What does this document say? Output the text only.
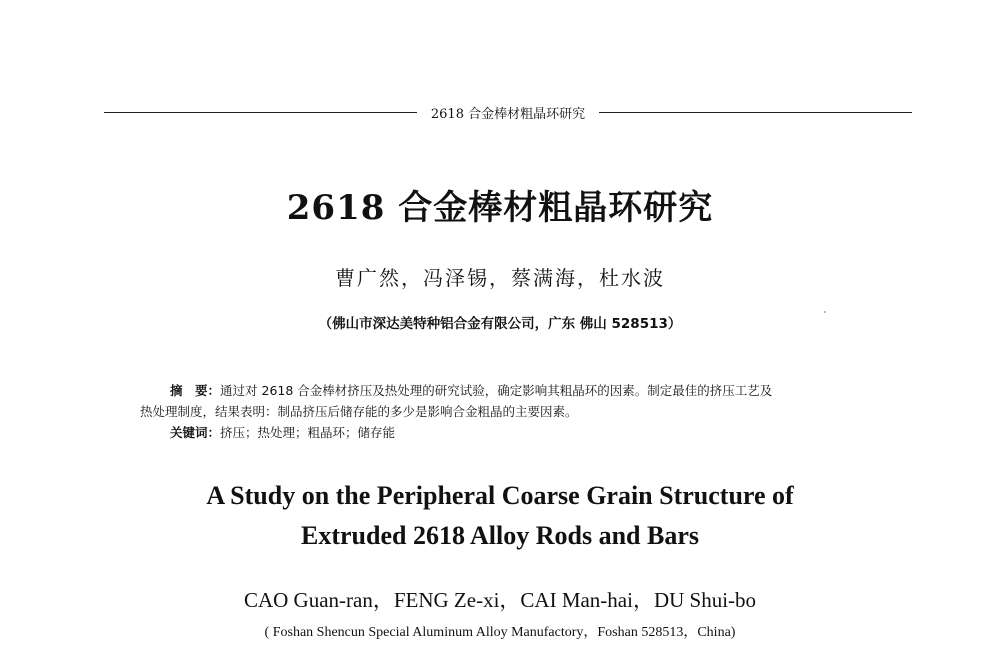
2618 合金棒材粗晶环研究
2618 合金棒材粗晶环研究
曹广然，冯泽锡，蔡满海，杜水波
（佛山市深达美特种铝合金有限公司，广东 佛山 528513）
摘　要：通过对 2618 合金棒材挤压及热处理的研究试验，确定影响其粗晶环的因素。制定最佳的挤压工艺及
热处理制度，结果表明：制品挤压后储存能的多少是影响合金粗晶的主要因素。
关键词：挤压；热处理；粗晶环；储存能
A Study on the Peripheral Coarse Grain Structure of
Extruded 2618 Alloy Rods and Bars
CAO Guan-ran，FENG Ze-xi，CAI Man-hai，DU Shui-bo
( Foshan Shencun Special Aluminum Alloy Manufactory，Foshan 528513，China)
